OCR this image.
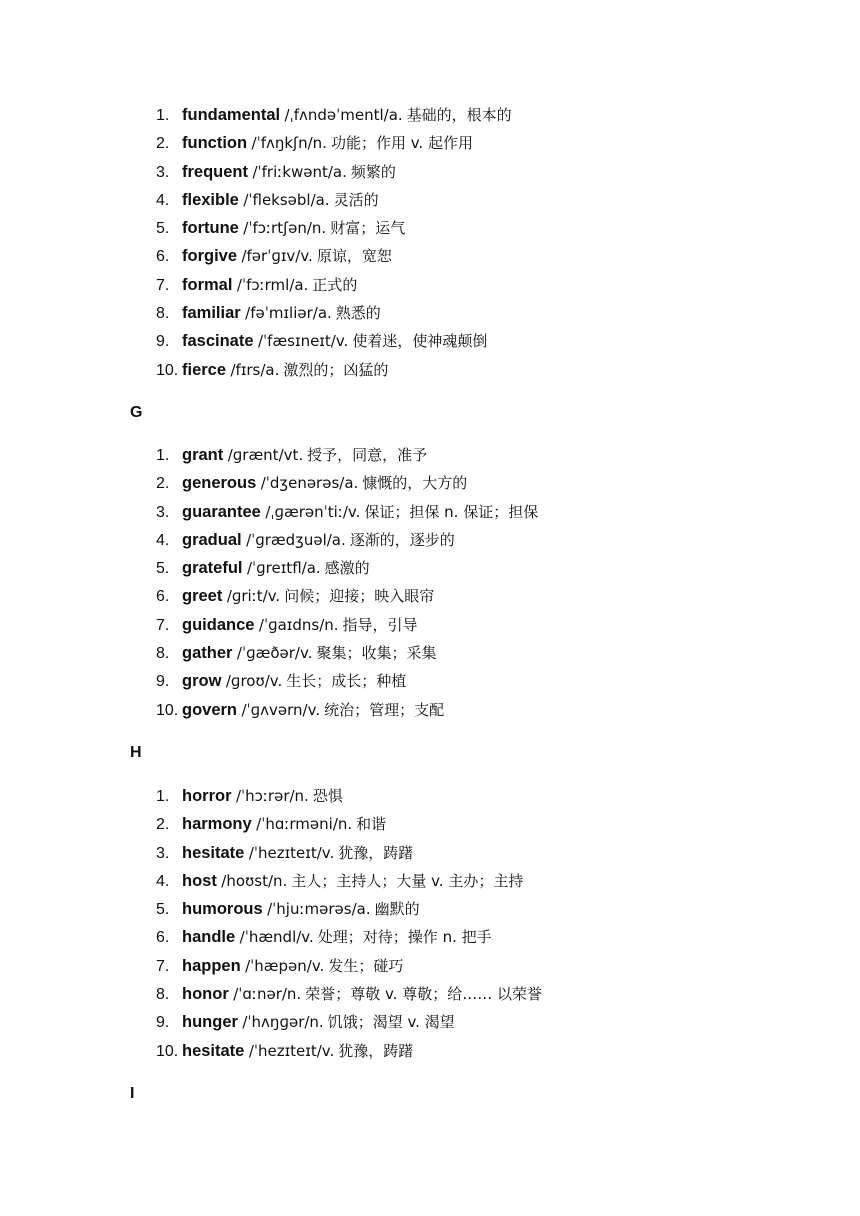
1. fundamental /ˌfʌndəˈmentl/a. 基础的，根本的
2. function /ˈfʌŋkʃn/n. 功能；作用 v. 起作用
3. frequent /ˈfriːkwənt/a. 频繁的
4. flexible /ˈfleksəbl/a. 灵活的
5. fortune /ˈfɔːrtʃən/n. 财富；运气
6. forgive /fərˈɡɪv/v. 原谅，宽恕
7. formal /ˈfɔːrml/a. 正式的
8. familiar /fəˈmɪliər/a. 熟悉的
9. fascinate /ˈfæsɪneɪt/v. 使着迷，使神魂颠倒
10. fierce /fɪrs/a. 激烈的；凶猛的
G
1. grant /ɡrænt/vt. 授予，同意，准予
2. generous /ˈdʒenərəs/a. 慷慨的，大方的
3. guarantee /ˌɡærənˈtiː/v. 保证；担保 n. 保证；担保
4. gradual /ˈɡrædʒuəl/a. 逐渐的，逐步的
5. grateful /ˈɡreɪtfl/a. 感激的
6. greet /ɡriːt/v. 问候；迎接；映入眼帘
7. guidance /ˈɡaɪdns/n. 指导，引导
8. gather /ˈɡæðər/v. 聚集；收集；采集
9. grow /ɡroʊ/v. 生长；成长；种植
10. govern /ˈɡʌvərn/v. 统治；管理；支配
H
1. horror /ˈhɔːrər/n. 恐惧
2. harmony /ˈhɑːrməni/n. 和谐
3. hesitate /ˈhezɪteɪt/v. 犹豫，踌躇
4. host /hoʊst/n. 主人；主持人；大量 v. 主办；主持
5. humorous /ˈhjuːmərəs/a. 幽默的
6. handle /ˈhændl/v. 处理；对待；操作 n. 把手
7. happen /ˈhæpən/v. 发生；碰巧
8. honor /ˈɑːnər/n. 荣誉；尊敬 v. 尊敬；给…… 以荣誉
9. hunger /ˈhʌŋɡər/n. 饥饿；渴望 v. 渴望
10. hesitate /ˈhezɪteɪt/v. 犹豫，踌躇
I
